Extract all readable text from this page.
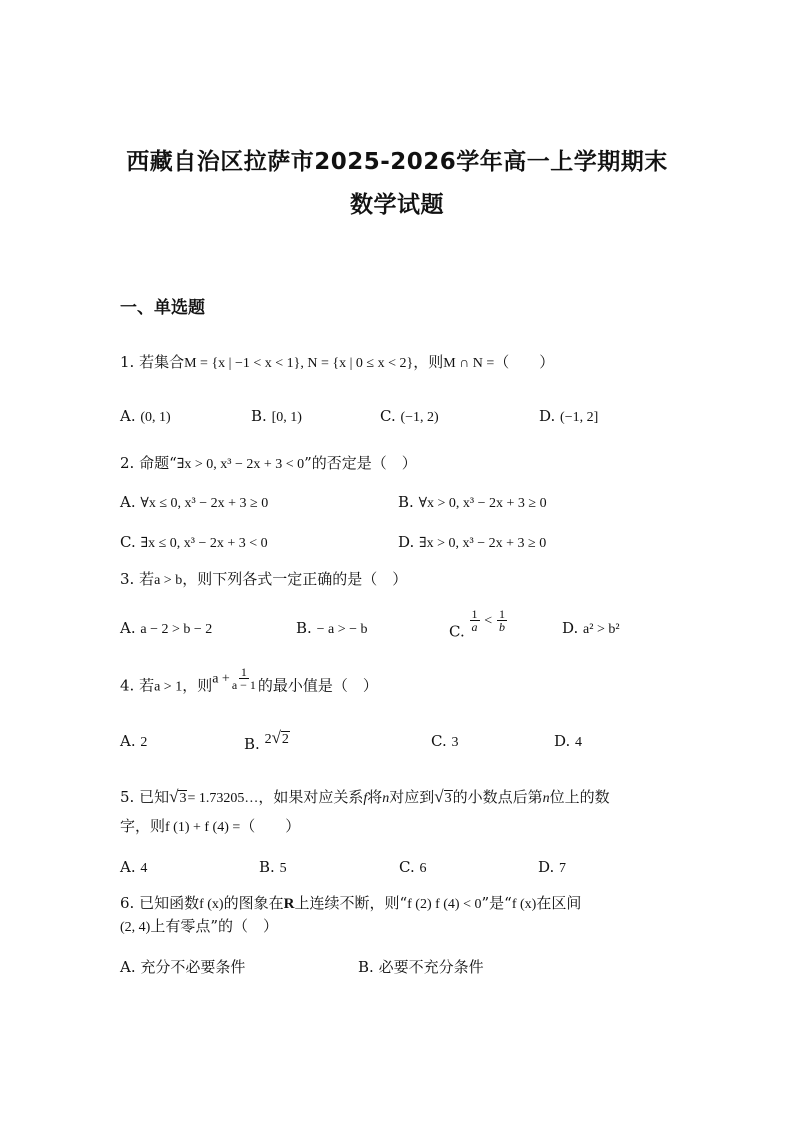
西藏自治区拉萨市2025-2026学年高一上学期期末
数学试题
一、单选题
1. 若集合M = {x | −1 < x < 1}, N = {x | 0 ≤ x < 2}，则M ∩ N =（　　）
A. (0, 1)	B. [0, 1)	C. (−1, 2)	D. (−1, 2]
2. 命题“∃x > 0, x³ − 2x + 3 < 0”的否定是（　）
A. ∀x ≤ 0, x³ − 2x + 3 ≥ 0	B. ∀x > 0, x³ − 2x + 3 ≥ 0
C. ∃x ≤ 0, x³ − 2x + 3 < 0	D. ∃x > 0, x³ − 2x + 3 ≥ 0
3. 若a > b，则下列各式一定正确的是（　）
A. a − 2 > b − 2	B. − a > − b	C. $\frac{1}{a} < \frac{1}{b}$	D. a² > b²
4. 若a > 1，则$a + \frac{1}{a - 1}$ 的最小值是（　）
A. 2	B. 2√2	C. 3	D. 4
5. 已知√3= 1.73205…，如果对应关系f将n对应到√3的小数点后第n位上的数
字，则f (1) + f (4) =（　　）
A. 4	B. 5	C. 6	D. 7
6. 已知函数f (x)的图象在R上连续不断，则“f (2) f (4) < 0”是“f (x)在区间
(2, 4)上有零点”的（　）
A. 充分不必要条件	B. 必要不充分条件
